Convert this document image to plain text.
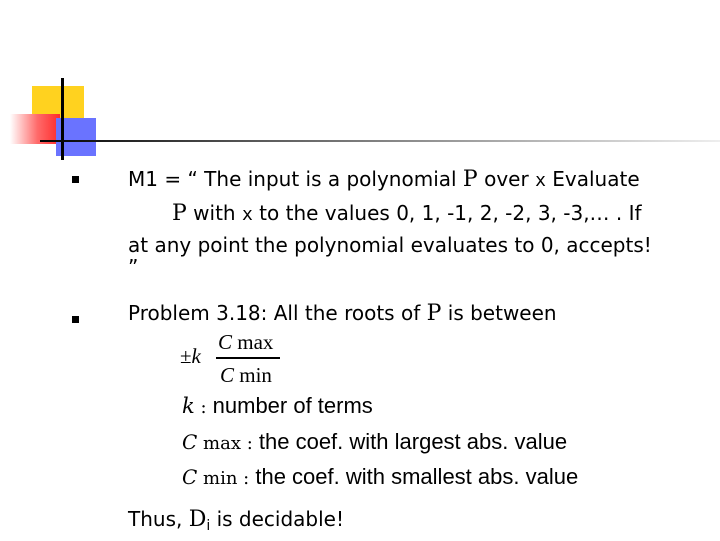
M1 = “ The input is a polynomial P over x Evaluate
P with x to the values 0, 1, -1, 2, -2, 3, -3,… . If
at any point the polynomial evaluates to 0, accepts!
”
Problem 3.18: All the roots of P is between
±k
C max
C min
k : number of terms
C max : the coef. with largest abs. value
C min : the coef. with smallest abs. value
Thus, $D_i$ is decidable!
